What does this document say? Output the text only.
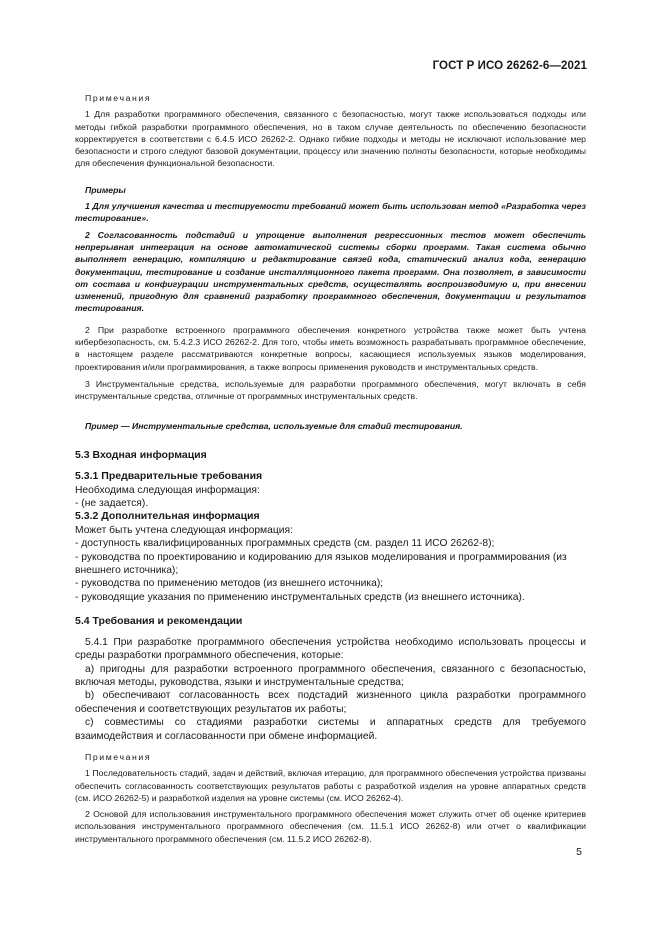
ГОСТ Р ИСО 26262-6—2021

Примечания

1 Для разработки программного обеспечения, связанного с безопасностью, могут также использоваться подходы или методы гибкой разработки программного обеспечения, но в таком случае деятельность по обеспечению безопасности корректируется в соответствии с 6.4.5 ИСО 26262-2. Однако гибкие подходы и методы не исключают использование мер безопасности и строго следуют базовой документации, процессу или значению полноты безопасности, которые необходимы для обеспечения функциональной безопасности.

Примеры

1 Для улучшения качества и тестируемости требований может быть использован метод «Разработка через тестирование».

2 Согласованность подстадий и упрощение выполнения регрессионных тестов может обеспечить непрерывная интеграция на основе автоматической системы сборки программ. Такая система обычно выполняет генерацию, компиляцию и редактирование связей кода, статический анализ кода, генерацию документации, тестирование и создание инсталляционного пакета программ. Она позволяет, в зависимости от состава и конфигурации инструментальных средств, осуществлять воспроизводимую и, при внесении изменений, пригодную для сравнений разработку программного обеспечения, документации и результатов тестирования.

2 При разработке встроенного программного обеспечения конкретного устройства также может быть учтена кибербезопасность, см. 5.4.2.3 ИСО 26262-2. Для того, чтобы иметь возможность разрабатывать программное обеспечение, в настоящем разделе рассматриваются конкретные вопросы, касающиеся используемых языков моделирования, проектирования и/или программирования, а также вопросы применения руководств и инструментальных средств.

3 Инструментальные средства, используемые для разработки программного обеспечения, могут включать в себя инструментальные средства, отличные от программных инструментальных средств.

Пример — Инструментальные средства, используемые для стадий тестирования.

5.3 Входная информация
5.3.1 Предварительные требования

Необходима следующая информация:

- (не задается).

5.3.2 Дополнительная информация

Может быть учтена следующая информация:

- доступность квалифицированных программных средств (см. раздел 11 ИСО 26262-8);

- руководства по проектированию и кодированию для языков моделирования и программирования (из внешнего источника);

- руководства по применению методов (из внешнего источника);

- руководящие указания по применению инструментальных средств (из внешнего источника).

5.4 Требования и рекомендации

5.4.1 При разработке программного обеспечения устройства необходимо использовать процессы и среды разработки программного обеспечения, которые:

a) пригодны для разработки встроенного программного обеспечения, связанного с безопасностью, включая методы, руководства, языки и инструментальные средства;

b) обеспечивают согласованность всех подстадий жизненного цикла разработки программного обеспечения и соответствующих результатов их работы;

c) совместимы со стадиями разработки системы и аппаратных средств для требуемого взаимодействия и согласованности при обмене информацией.

Примечания

1 Последовательность стадий, задач и действий, включая итерацию, для программного обеспечения устройства призваны обеспечить согласованность соответствующих результатов работы с разработкой изделия на уровне аппаратных средств (см. ИСО 26262-5) и разработкой изделия на уровне системы (см. ИСО 26262-4).

2 Основой для использования инструментального программного обеспечения может служить отчет об оценке критериев использования инструментального программного обеспечения (см. 11.5.1 ИСО 26262-8) или отчет о квалификации инструментального программного обеспечения (см. 11.5.2 ИСО 26262-8).

5
